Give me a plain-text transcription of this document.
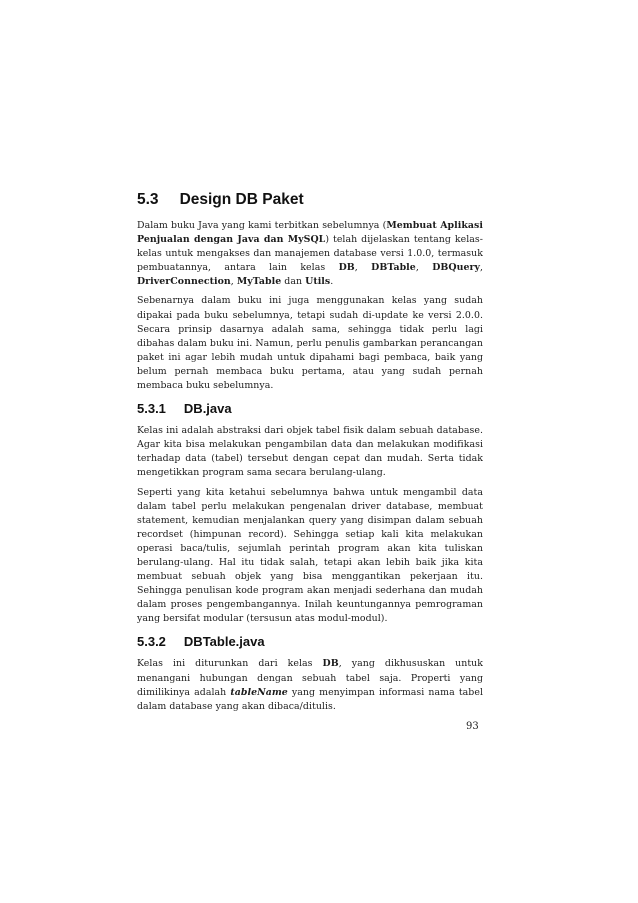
5.3 Design DB Paket

Dalam buku Java yang kami terbitkan sebelumnya (Membuat Aplikasi Penjualan dengan Java dan MySQL) telah dijelaskan tentang kelas-kelas untuk mengakses dan manajemen database versi 1.0.0, termasuk pembuatannya, antara lain kelas DB, DBTable, DBQuery, DriverConnection, MyTable dan Utils.

Sebenarnya dalam buku ini juga menggunakan kelas yang sudah dipakai pada buku sebelumnya, tetapi sudah di-update ke versi 2.0.0. Secara prinsip dasarnya adalah sama, sehingga tidak perlu lagi dibahas dalam buku ini. Namun, perlu penulis gambarkan perancangan paket ini agar lebih mudah untuk dipahami bagi pembaca, baik yang belum pernah membaca buku pertama, atau yang sudah pernah membaca buku sebelumnya.

5.3.1 DB.java

Kelas ini adalah abstraksi dari objek tabel fisik dalam sebuah database. Agar kita bisa melakukan pengambilan data dan melakukan modifikasi terhadap data (tabel) tersebut dengan cepat dan mudah. Serta tidak mengetikkan program sama secara berulang-ulang.

Seperti yang kita ketahui sebelumnya bahwa untuk mengambil data dalam tabel perlu melakukan pengenalan driver database, membuat statement, kemudian menjalankan query yang disimpan dalam sebuah recordset (himpunan record). Sehingga setiap kali kita melakukan operasi baca/tulis, sejumlah perintah program akan kita tuliskan berulang-ulang. Hal itu tidak salah, tetapi akan lebih baik jika kita membuat sebuah objek yang bisa menggantikan pekerjaan itu. Sehingga penulisan kode program akan menjadi sederhana dan mudah dalam proses pengembangannya. Inilah keuntungannya pemrograman yang bersifat modular (tersusun atas modul-modul).

5.3.2 DBTable.java

Kelas ini diturunkan dari kelas DB, yang dikhususkan untuk menangani hubungan dengan sebuah tabel saja. Properti yang dimilikinya adalah tableName yang menyimpan informasi nama tabel dalam database yang akan dibaca/ditulis.

93
